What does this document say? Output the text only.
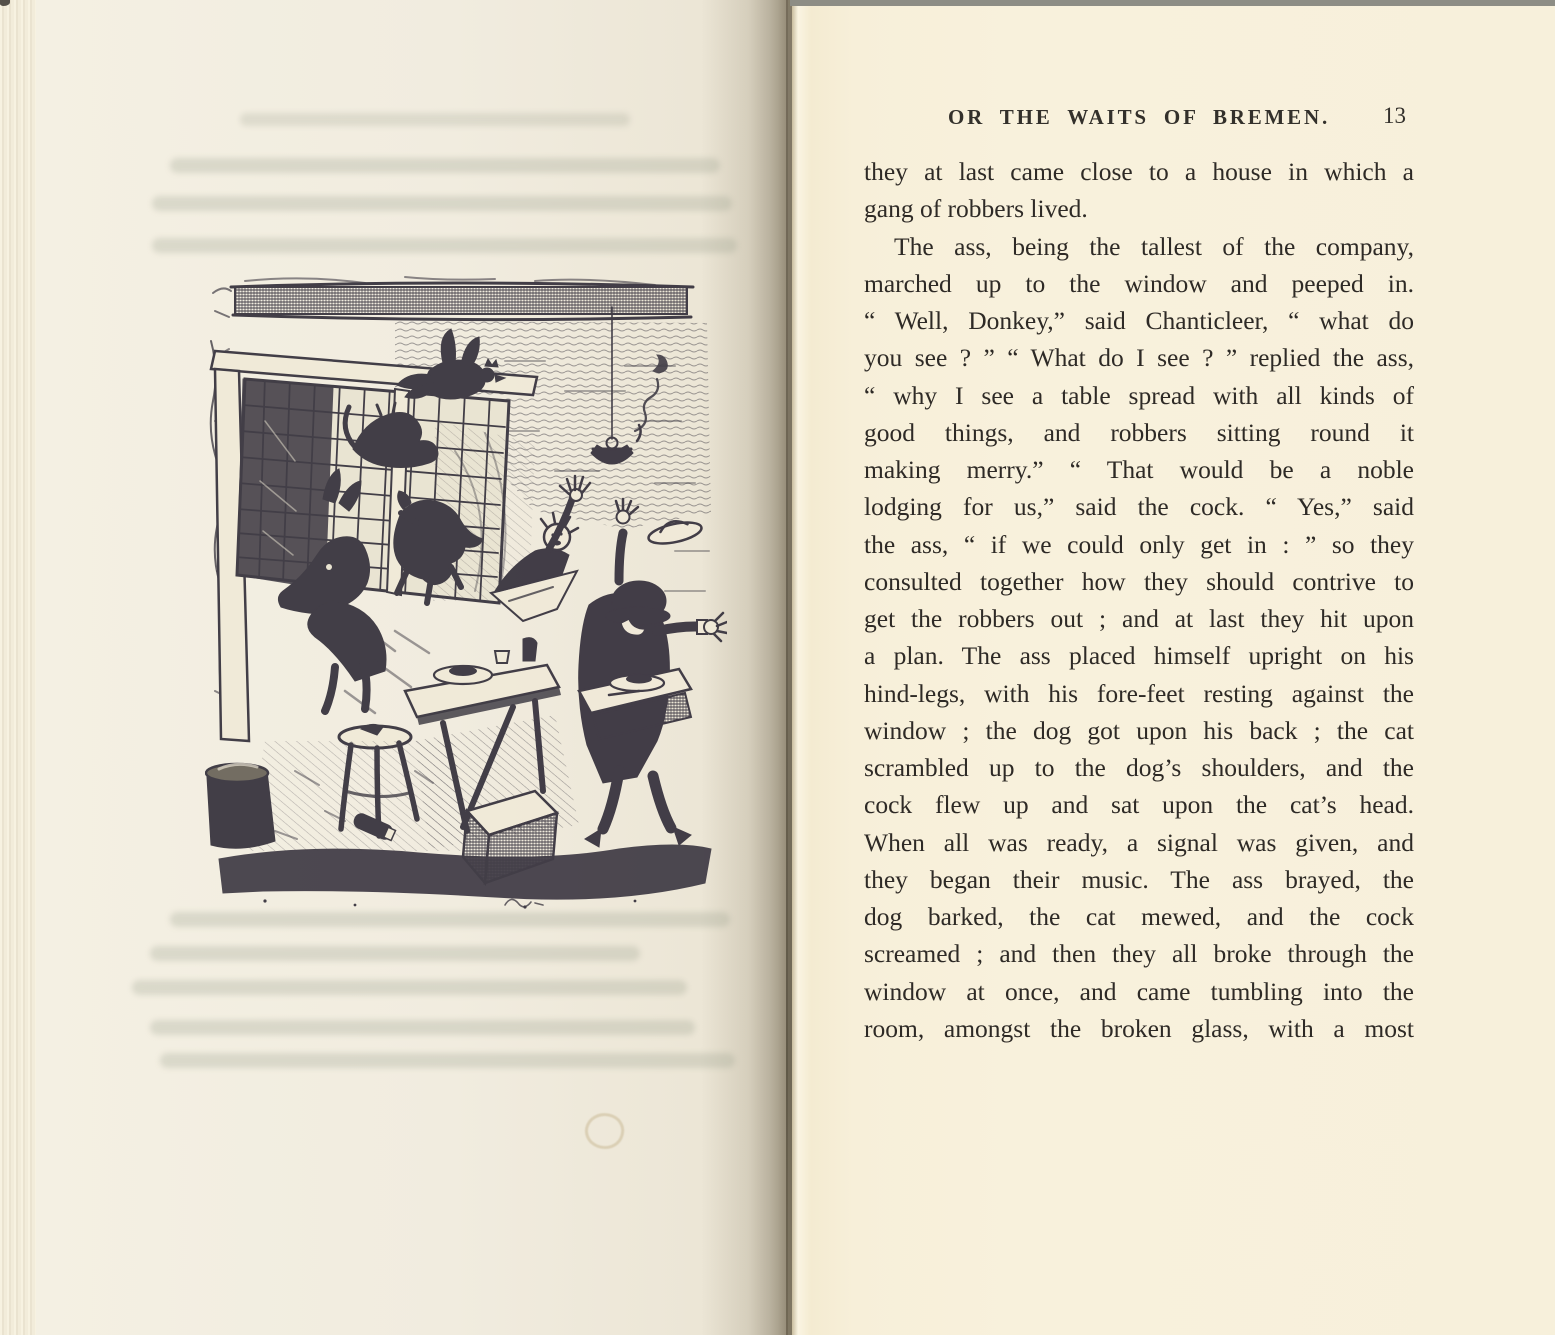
OR THE WAITS OF BREMEN. 13
they at last came close to a house in which a
gang of robbers lived.
The ass, being the tallest of the company,
marched up to the window and peeped in.
“ Well, Donkey,” said Chanticleer, “ what do
you see ? ” “ What do I see ? ” replied the ass,
“ why I see a table spread with all kinds of
good things, and robbers sitting round it
making merry.” “ That would be a noble
lodging for us,” said the cock. “ Yes,” said
the ass, “ if we could only get in : ” so they
consulted together how they should contrive to
get the robbers out ; and at last they hit upon
a plan. The ass placed himself upright on his
hind-legs, with his fore-feet resting against the
window ; the dog got upon his back ; the cat
scrambled up to the dog’s shoulders, and the
cock flew up and sat upon the cat’s head.
When all was ready, a signal was given, and
they began their music. The ass brayed, the
dog barked, the cat mewed, and the cock
screamed ; and then they all broke through the
window at once, and came tumbling into the
room, amongst the broken glass, with a most
